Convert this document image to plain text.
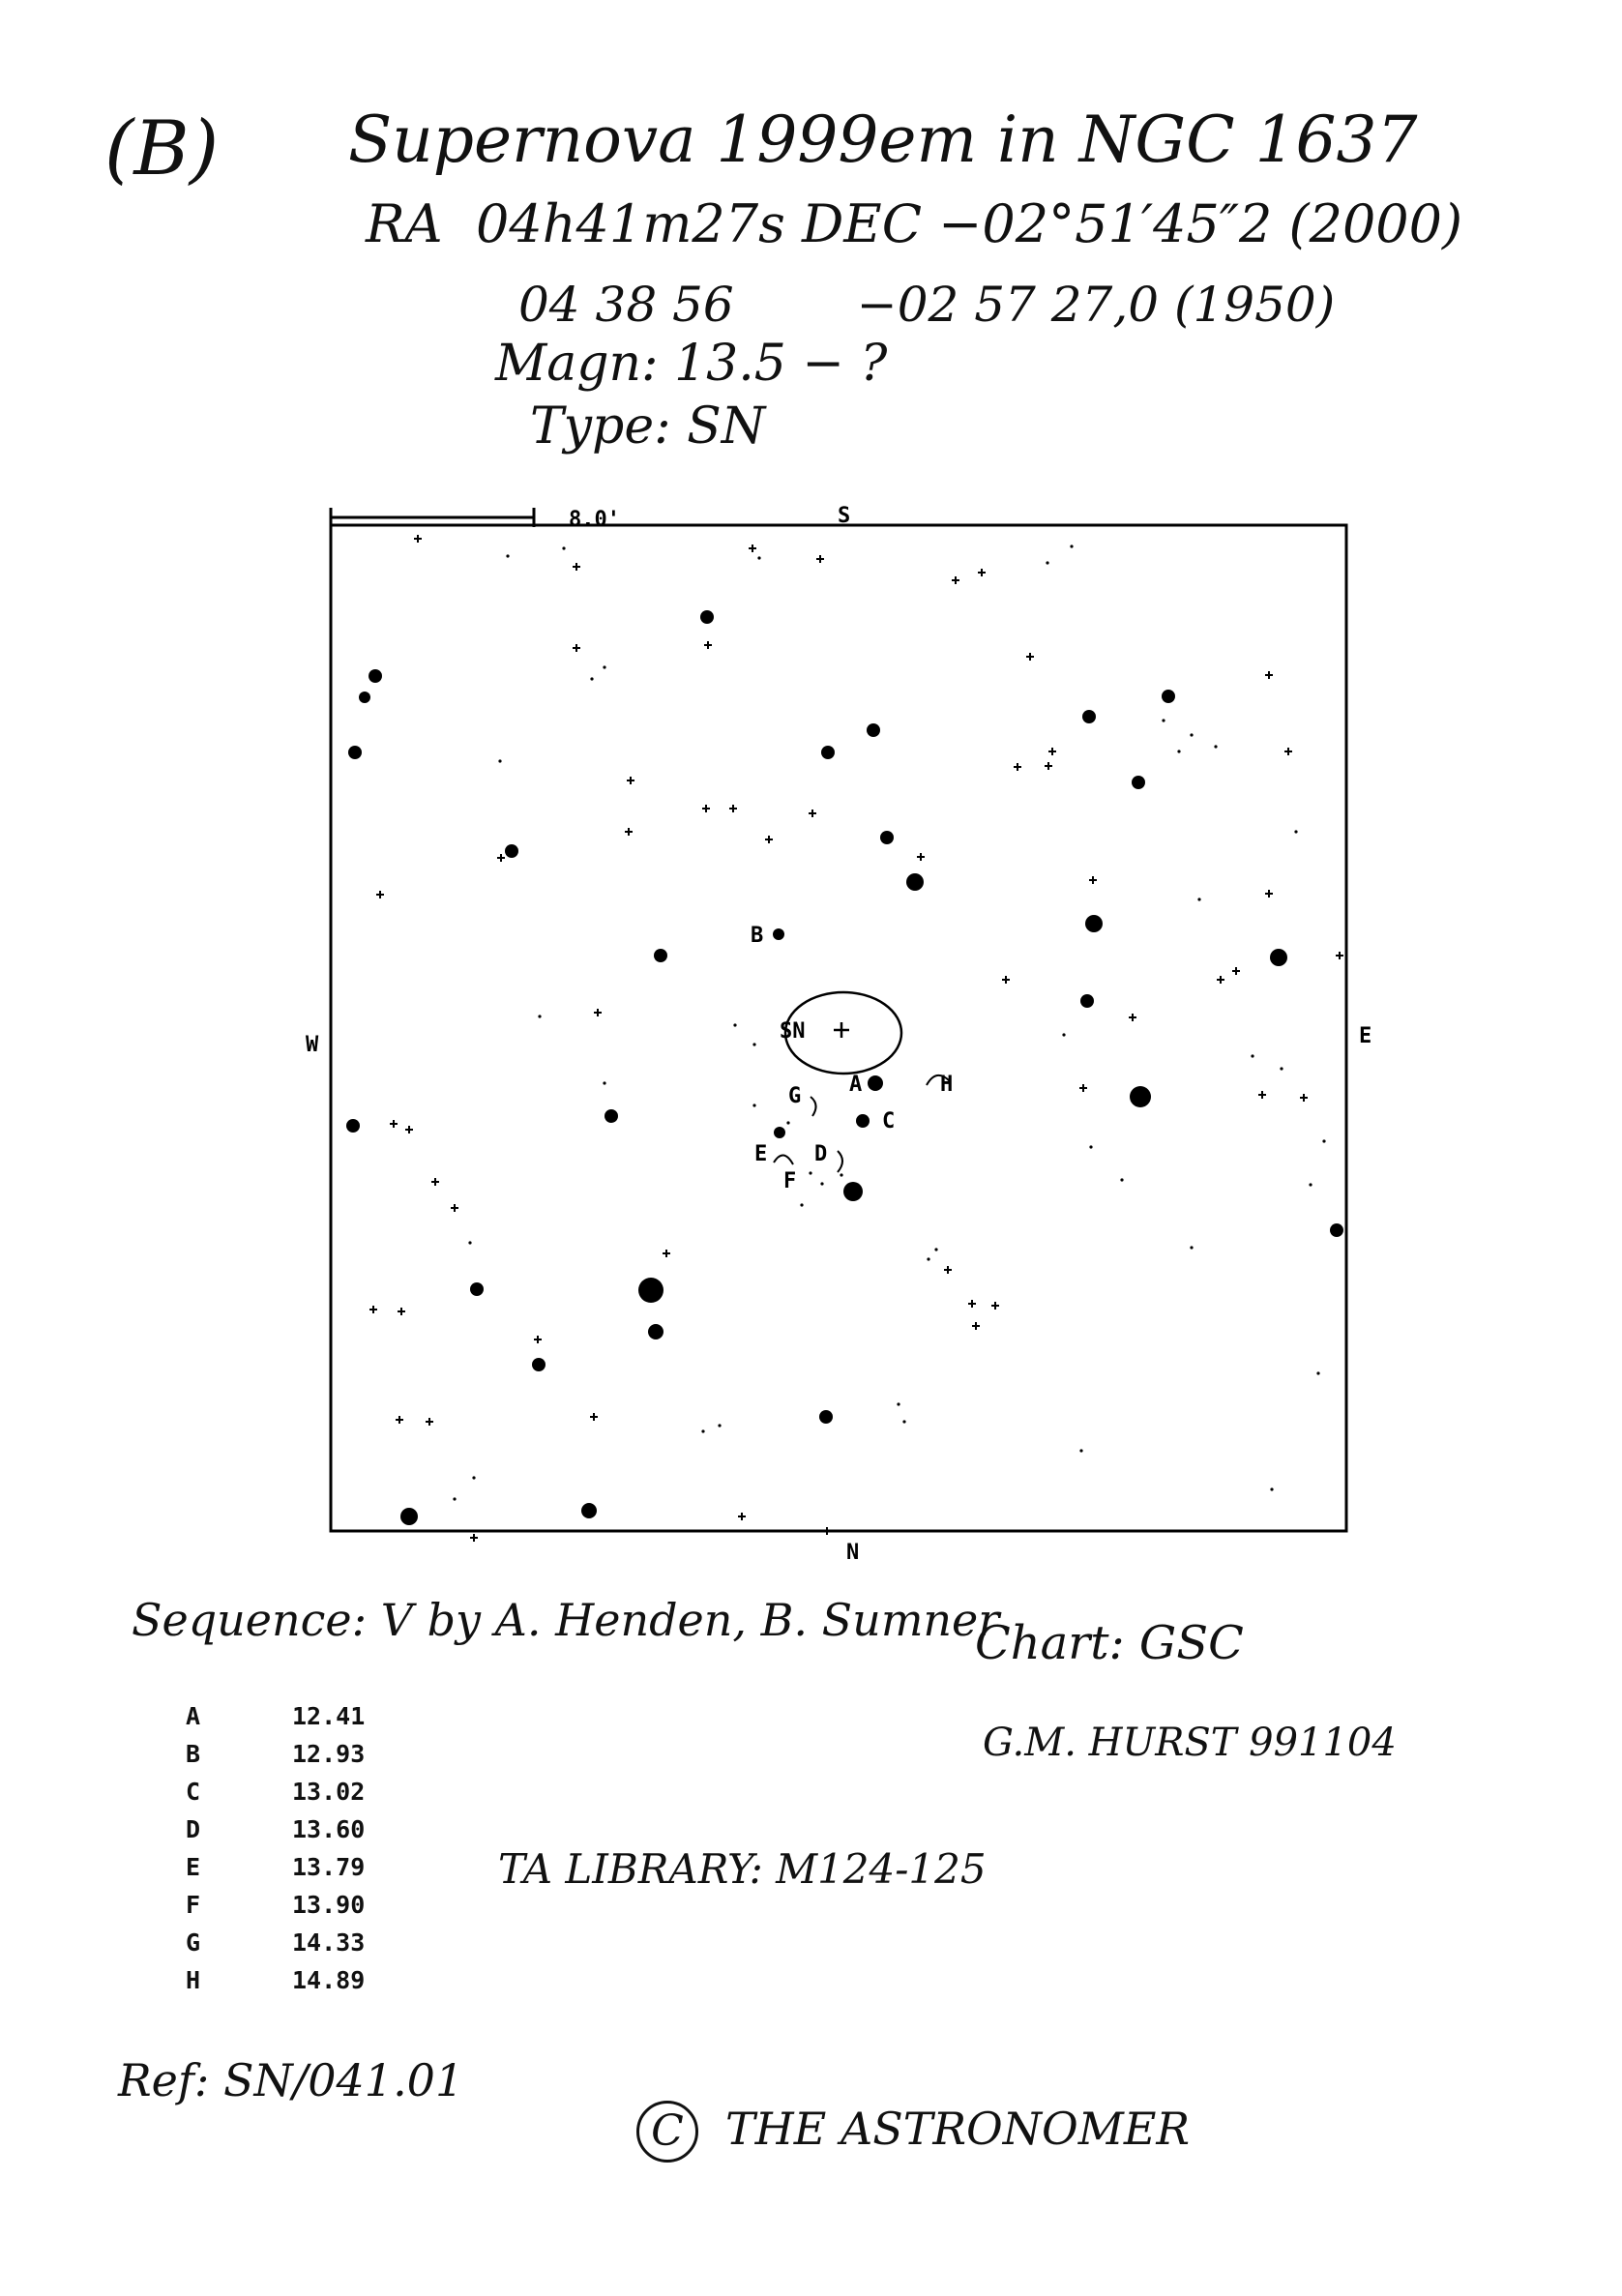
(B) Supernova 1999em in NGC 1637
RA  04h41m27s DEC −02°51′45″2 (2000)
04 38 56        −02 57 27,0 (1950)
Magn: 13.5 − ?
Type: SN
8.0'	S
N
W	E
SN
A
B
C
D
E
F
G	H
Sequence: V by A. Henden, B. Sumner
Chart: GSC
A	12.41
B	12.93
C	13.02
D	13.60
E	13.79
F	13.90
G	14.33
H	14.89
G.M. HURST 991104
TA LIBRARY: M124-125
Ref: SN/041.01
C THE ASTRONOMER
